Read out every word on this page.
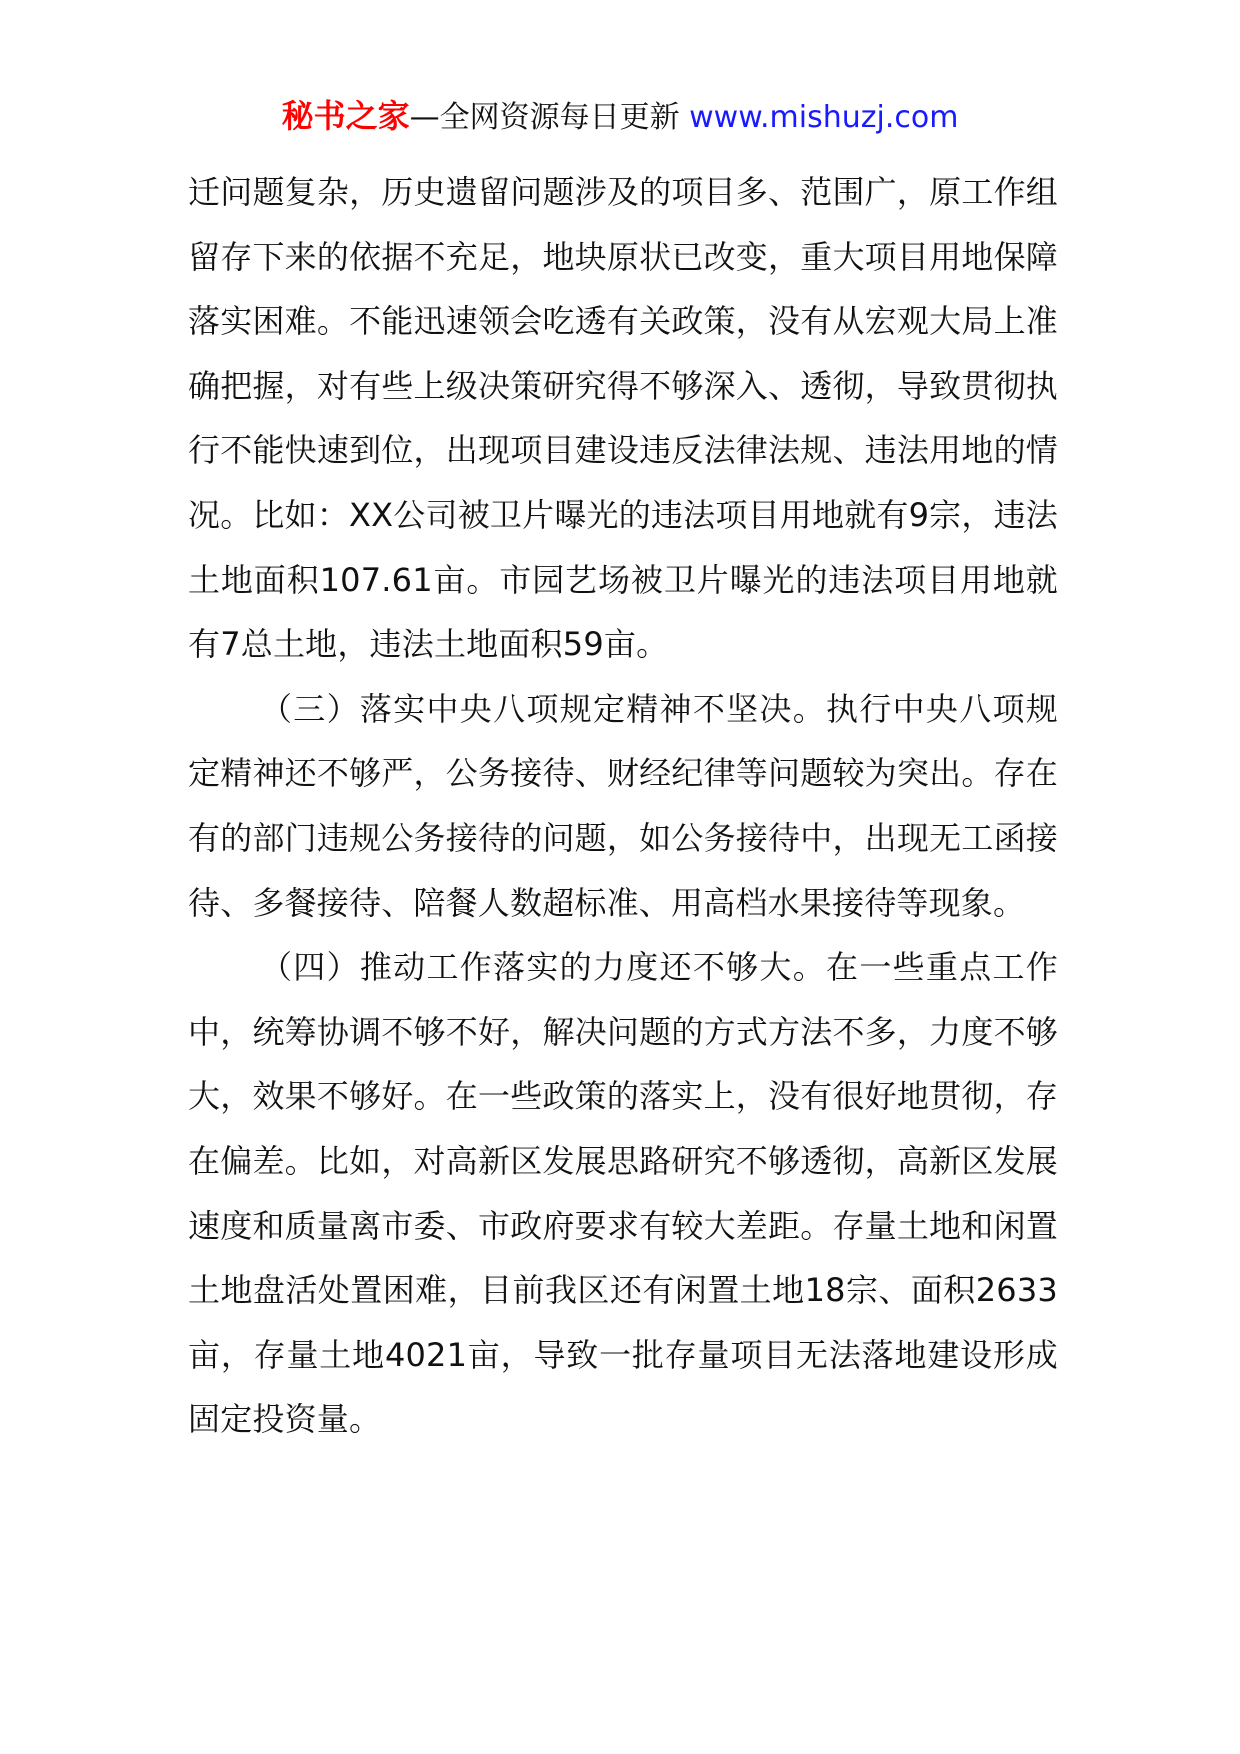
秘书之家—全网资源每日更新 www.mishuzj.com

迁问题复杂，历史遗留问题涉及的项目多、范围广，原工作组留存下来的依据不充足，地块原状已改变，重大项目用地保障落实困难。不能迅速领会吃透有关政策，没有从宏观大局上准确把握，对有些上级决策研究得不够深入、透彻，导致贯彻执行不能快速到位，出现项目建设违反法律法规、违法用地的情况。比如：XX公司被卫片曝光的违法项目用地就有9宗，违法土地面积107.61亩。市园艺场被卫片曝光的违法项目用地就有7总土地，违法土地面积59亩。

（三）落实中央八项规定精神不坚决。执行中央八项规定精神还不够严，公务接待、财经纪律等问题较为突出。存在有的部门违规公务接待的问题，如公务接待中，出现无工函接待、多餐接待、陪餐人数超标准、用高档水果接待等现象。

（四）推动工作落实的力度还不够大。在一些重点工作中，统筹协调不够不好，解决问题的方式方法不多，力度不够大，效果不够好。在一些政策的落实上，没有很好地贯彻，存在偏差。比如，对高新区发展思路研究不够透彻，高新区发展速度和质量离市委、市政府要求有较大差距。存量土地和闲置土地盘活处置困难，目前我区还有闲置土地18宗、面积2633亩，存量土地4021亩，导致一批存量项目无法落地建设形成固定投资量。
